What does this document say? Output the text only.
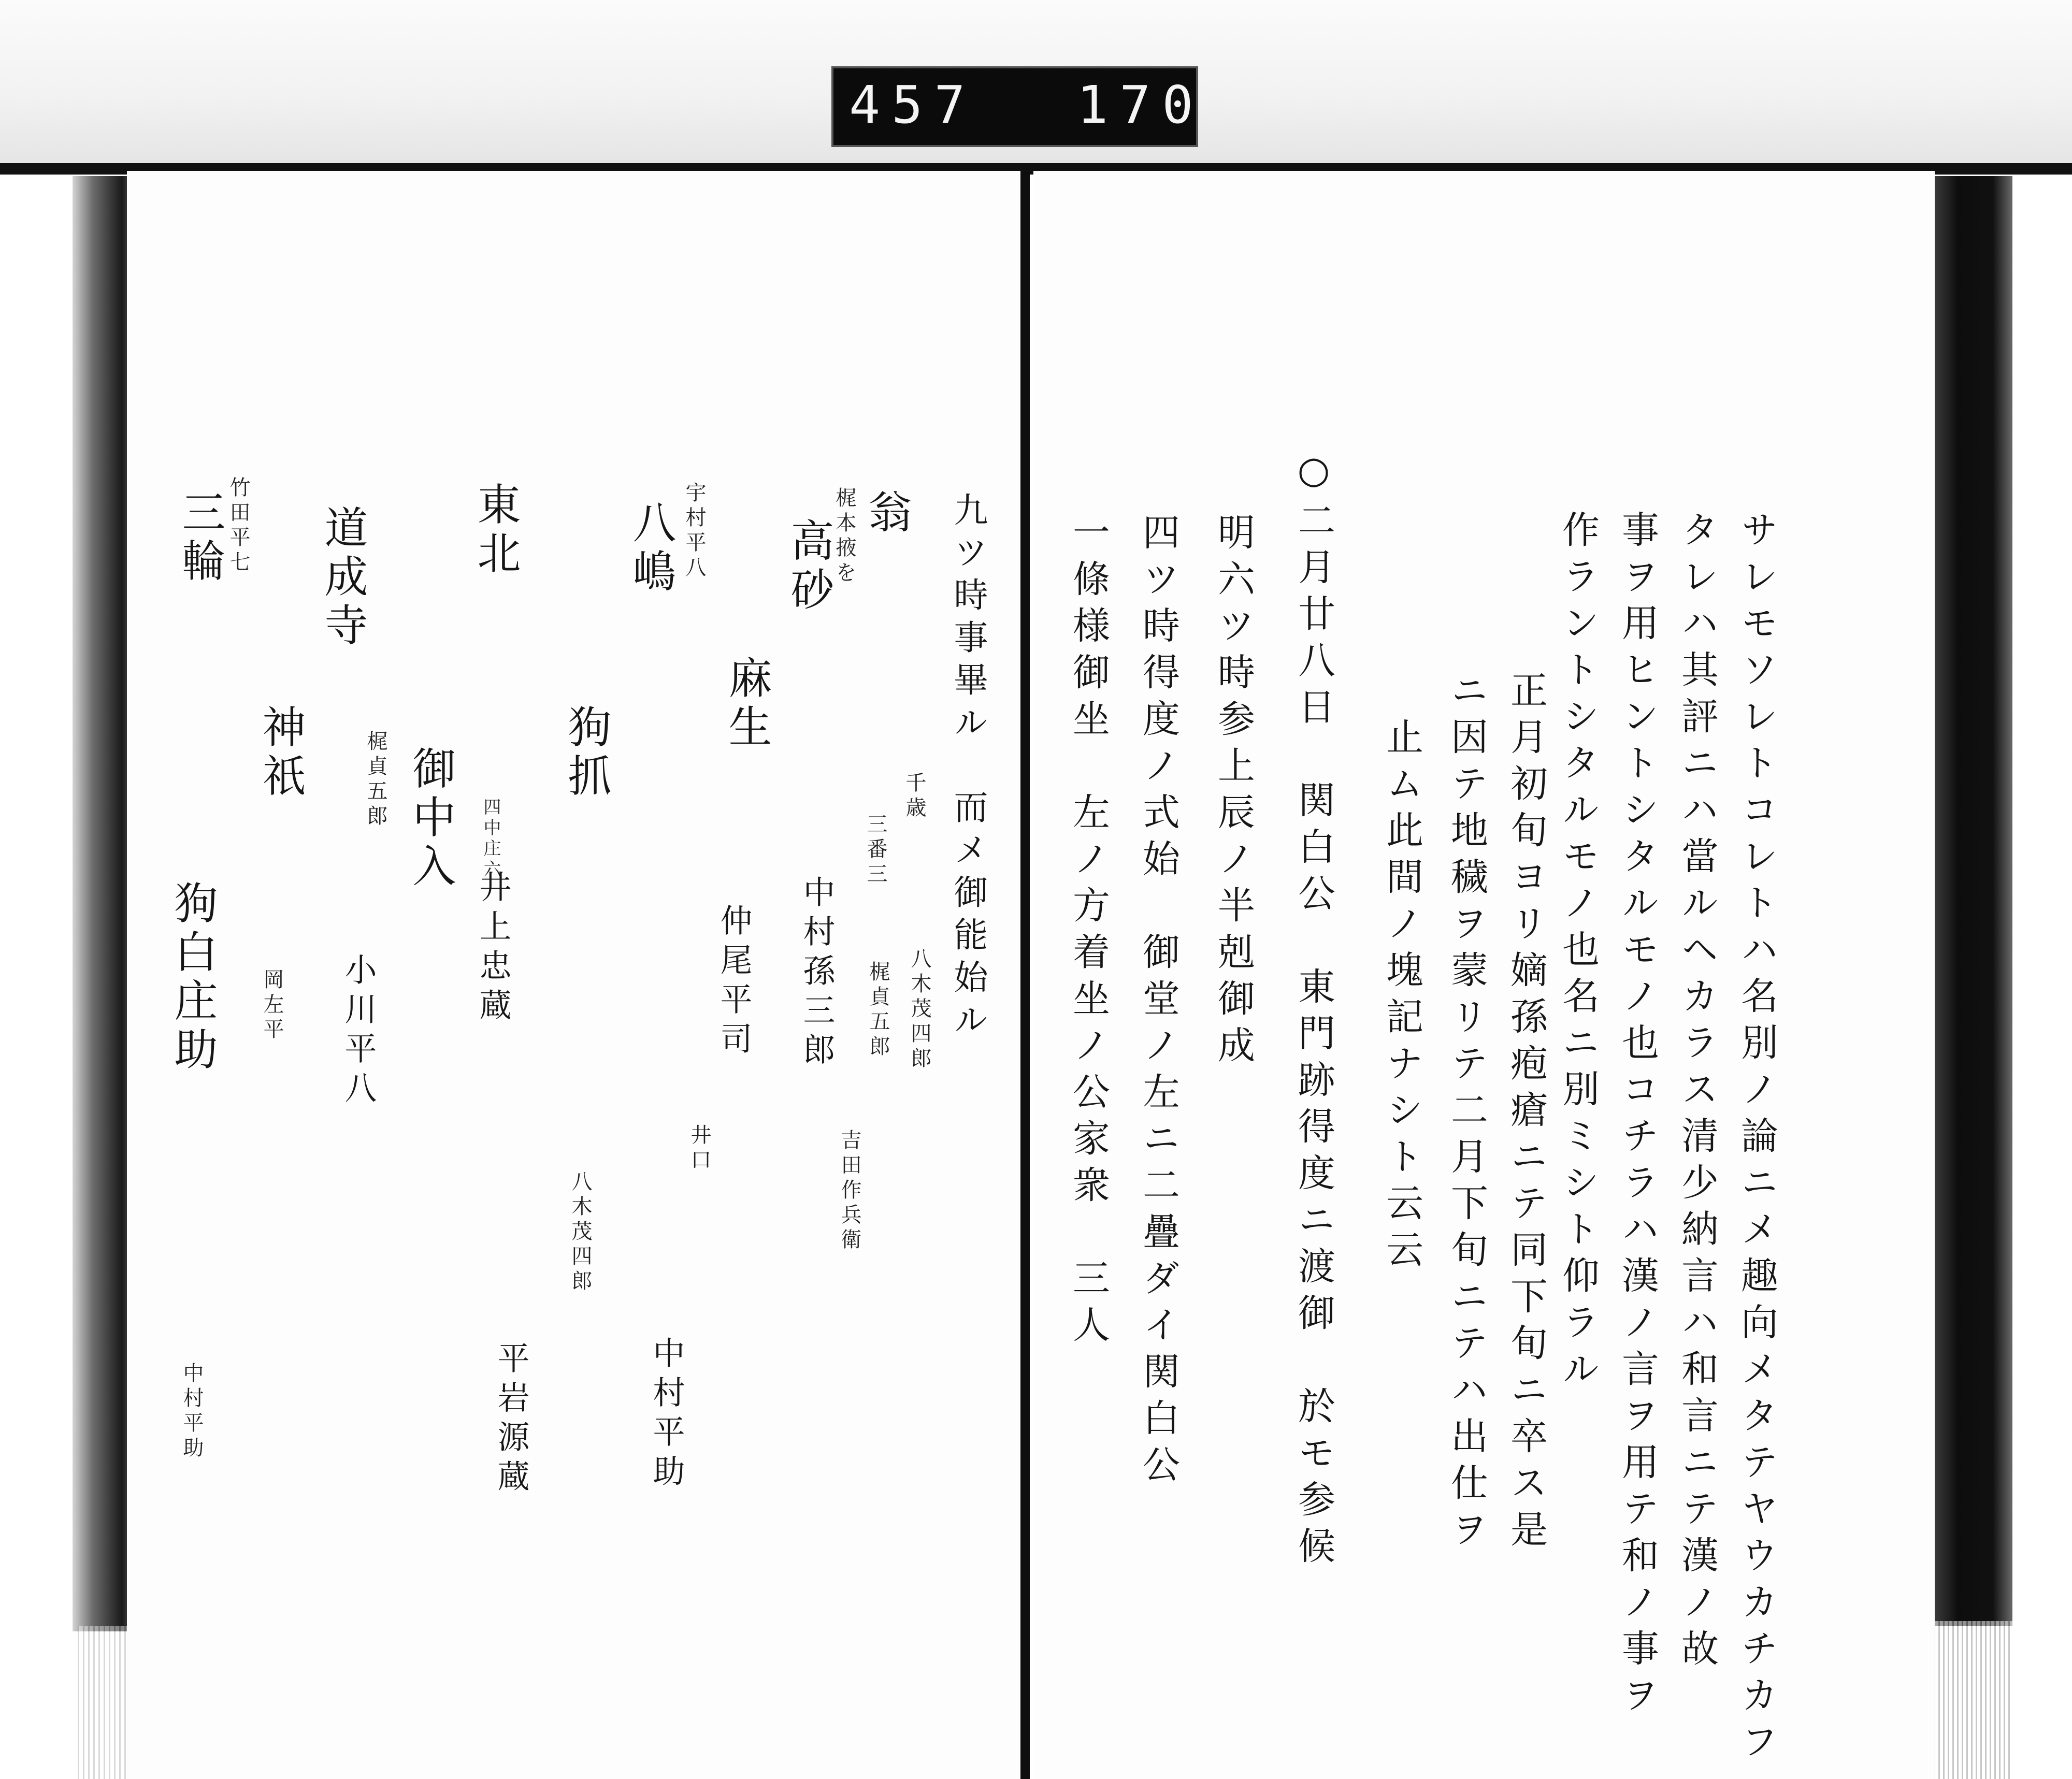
457 170

サレモソレトコレトハ名別ノ論ニメ趣向メタテヤウカチカフ

タレハ其評ニハ當ルヘカラス清少納言ハ和言ニテ漢ノ故

事ヲ用ヒントシタルモノ也コチラハ漢ノ言ヲ用テ和ノ事ヲ

作ラントシタルモノ也名ニ別ミシト仰ラル

正月初旬ヨリ嫡孫疱瘡ニテ同下旬ニ卒ス是

ニ因テ地穢ヲ蒙リテ二月下旬ニテハ出仕ヲ

止ム此間ノ塊記ナシト云云

○二月廿八日　関白公　東門跡得度ニ渡御　於モ参候

明六ツ時参上辰ノ半剋御成

四ツ時得度ノ式始　御堂ノ左ニ二疊ダイ関白公

一條様御坐　左ノ方着坐ノ公家衆　三人

九ツ時事畢ル　而メ御能始ル

翁

千歳

三番三

八木茂四郎

梶貞五郎

梶本掖を

高砂

中村孫三郎

吉田作兵衛

麻生

仲尾平司

井口

宇村平八

八嶋

中村平助

狗抓

八木茂四郎

平岩源蔵

東北

四中庄六

井上忠蔵

御中入

小川平八

道成寺

梶貞五郎

神祇

岡左平

竹田平七

三輪

狗白庄助

中村平助
